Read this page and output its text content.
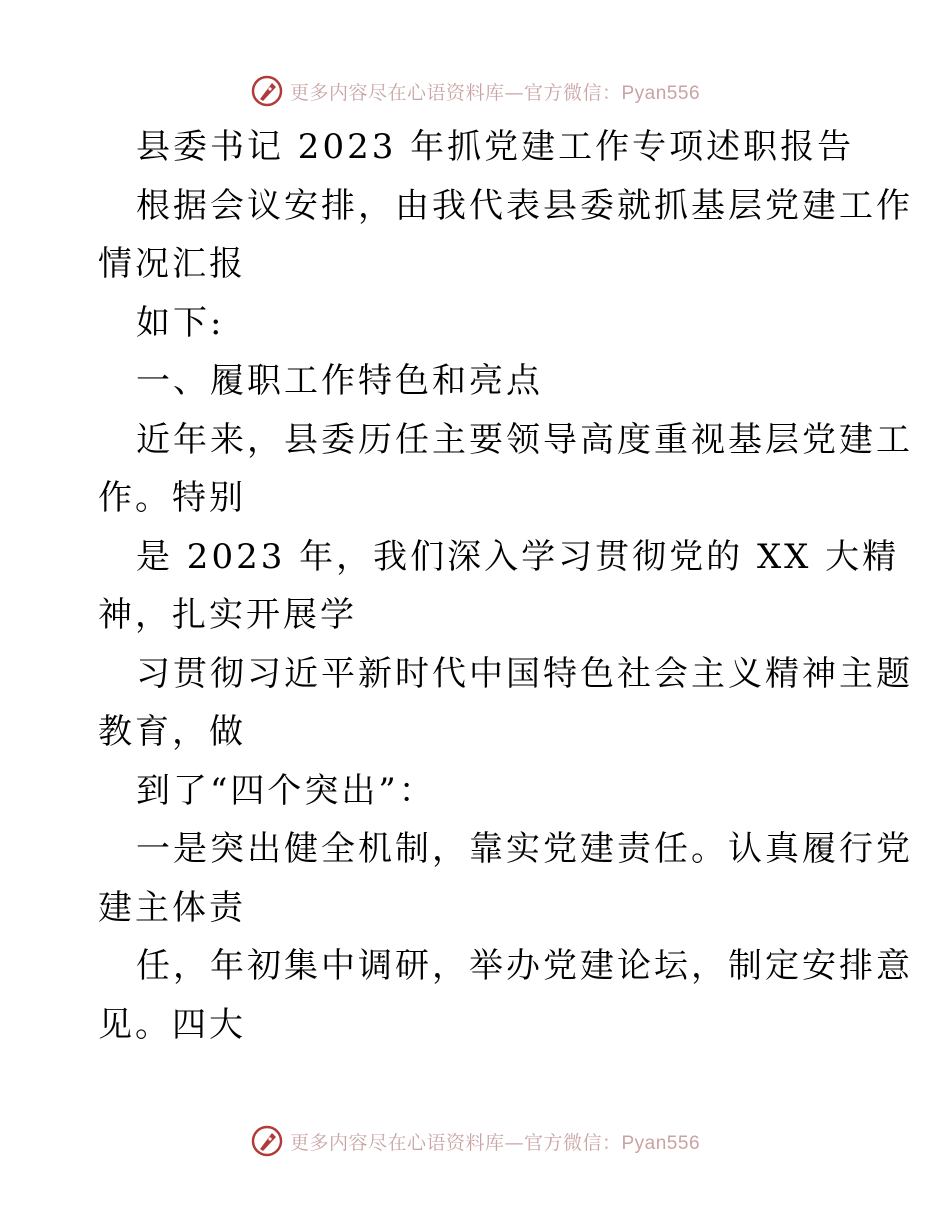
更多内容尽在心语资料库—官方微信：Pyan556
县委书记 2023 年抓党建工作专项述职报告
根据会议安排，由我代表县委就抓基层党建工作
情况汇报
如下:
一、履职工作特色和亮点
近年来，县委历任主要领导高度重视基层党建工
作。特别
是 2023 年，我们深入学习贯彻党的 XX 大精
神，扎实开展学
习贯彻习近平新时代中国特色社会主义精神主题
教育，做
到了“四个突出”：
一是突出健全机制，靠实党建责任。认真履行党
建主体责
任，年初集中调研，举办党建论坛，制定安排意
见。四大
更多内容尽在心语资料库—官方微信：Pyan556
